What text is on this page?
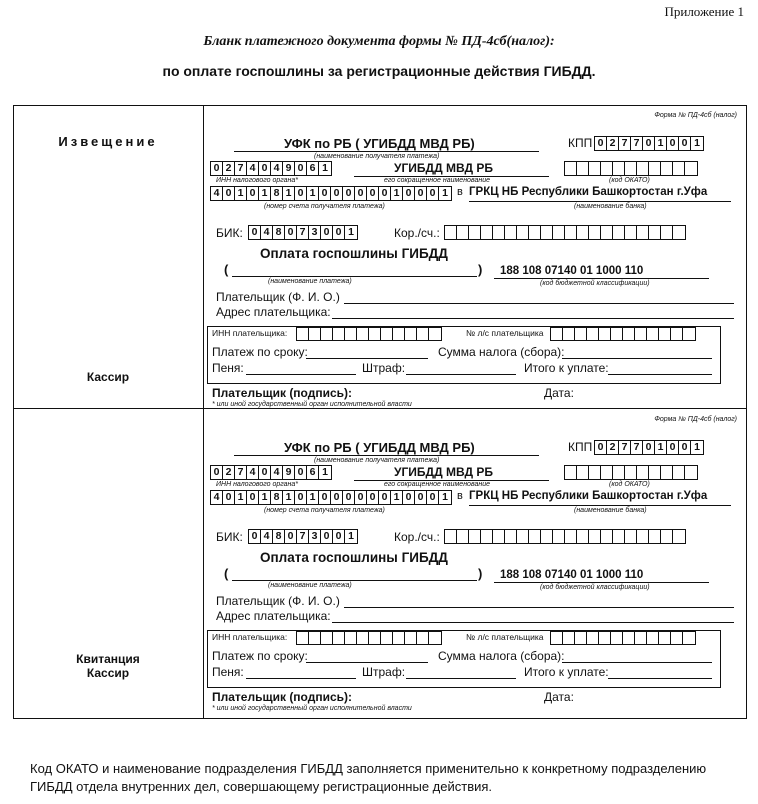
Приложение 1
Бланк платежного документа формы № ПД-4сб(налог):
по оплате госпошлины за регистрационные действия ГИБДД.
Извещение
Кассир
Квитанция
Кассир
Код ОКАТО и наименование подразделения ГИБДД заполняется применительно к конкретному подразделению ГИБДД отдела внутренних дел, совершающему регистрационные действия.
Форма № ПД-4сб (налог)
УФК по РБ ( УГИБДД МВД РБ)
(наименование получателя платежа)
КПП 0 2 7 7 0 1 0 0 1
0 2 7 4 0 4 9 0 6 1	УГИБДД МВД РБ
ИНН налогового органа*	его сокращенное наименование	(код ОКАТО)
4 0 1 0 1 8 1 0 1 0 0 0 0 0 0 1 0 0 0 1 в ГРКЦ НБ Республики Башкортостан г.Уфа
(номер счета получателя платежа)	(наименование банка)
БИК: 0 4 8 0 7 3 0 0 1	Кор./сч.:
Оплата госпошлины ГИБДД
(	)
(наименование платежа)
188 108 07140 01 1000 110
(код бюджетной классификации)
Плательщик (Ф. И. О.)
Адрес плательщика:
ИНН плательщика:	№ л/с плательщика
Платеж по сроку:	Сумма налога (сбора):
Пеня:	Штраф:	Итого к уплате:
Плательщик (подпись):	Дата:
* или иной государственный орган исполнительной власти
Форма № ПД-4сб (налог)
УФК по РБ ( УГИБДД МВД РБ)
(наименование получателя платежа)
КПП 0 2 7 7 0 1 0 0 1
0 2 7 4 0 4 9 0 6 1	УГИБДД МВД РБ
ИНН налогового органа*	его сокращенное наименование	(код ОКАТО)
4 0 1 0 1 8 1 0 1 0 0 0 0 0 0 1 0 0 0 1 в ГРКЦ НБ Республики Башкортостан г.Уфа
(номер счета получателя платежа)	(наименование банка)
БИК: 0 4 8 0 7 3 0 0 1	Кор./сч.:
Оплата госпошлины ГИБДД
(	)
(наименование платежа)
188 108 07140 01 1000 110
(код бюджетной классификации)
Плательщик (Ф. И. О.)
Адрес плательщика:
ИНН плательщика:	№ л/с плательщика
Платеж по сроку:	Сумма налога (сбора):
Пеня:	Штраф:	Итого к уплате:
Плательщик (подпись):	Дата:
* или иной государственный орган исполнительной власти
